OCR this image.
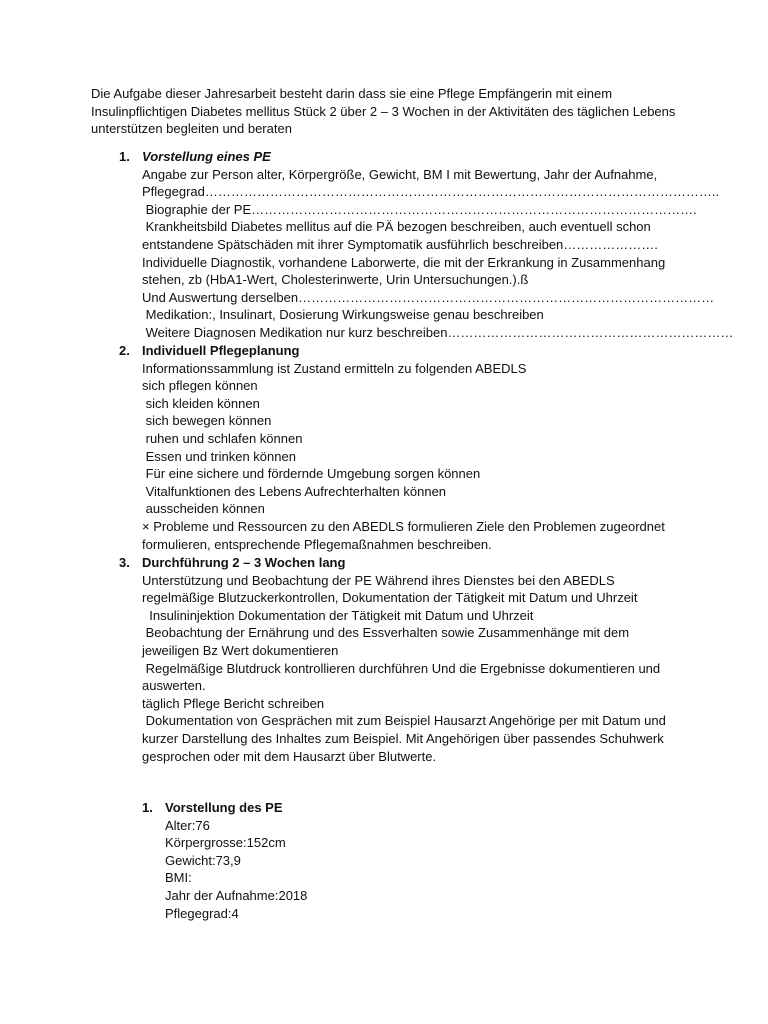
Die Aufgabe dieser Jahresarbeit besteht darin dass sie eine Pflege Empfängerin mit einem
Insulinpflichtigen Diabetes mellitus Stück 2 über 2 – 3 Wochen in der Aktivitäten des täglichen Lebens
unterstützen begleiten und beraten
1. Vorstellung eines PE
Angabe zur Person alter, Körpergröße, Gewicht, BM I mit Bewertung, Jahr der Aufnahme,
Pflegegrad………………………………………………………………………………………………………..
Biographie der PE………………………………………………………………………………………….
Krankheitsbild Diabetes mellitus auf die PÄ bezogen beschreiben, auch eventuell schon
entstandene Spätschäden mit ihrer Symptomatik ausführlich beschreiben………………….
Individuelle Diagnostik, vorhandene Laborwerte, die mit der Erkrankung in Zusammenhang
stehen, zb (HbA1-Wert, Cholesterinwerte, Urin Untersuchungen.).ß
Und Auswertung derselben……………………………………………………………………………………
Medikation:, Insulinart, Dosierung Wirkungsweise genau beschreiben
Weitere Diagnosen Medikation nur kurz beschreiben…………………………………………………………
2. Individuell Pflegeplanung
Informationssammlung ist Zustand ermitteln zu folgenden ABEDLS
sich pflegen können
sich kleiden können
sich bewegen können
ruhen und schlafen können
Essen und trinken können
Für eine sichere und fördernde Umgebung sorgen können
Vitalfunktionen des Lebens Aufrechterhalten können
ausscheiden können
× Probleme und Ressourcen zu den ABEDLS formulieren Ziele den Problemen zugeordnet
formulieren, entsprechende Pflegemaßnahmen beschreiben.
3. Durchführung 2 – 3 Wochen lang
Unterstützung und Beobachtung der PE Während ihres Dienstes bei den ABEDLS
regelmäßige Blutzuckerkontrollen, Dokumentation der Tätigkeit mit Datum und Uhrzeit
Insulininjektion Dokumentation der Tätigkeit mit Datum und Uhrzeit
Beobachtung der Ernährung und des Essverhalten sowie Zusammenhänge mit dem
jeweiligen Bz Wert dokumentieren
Regelmäßige Blutdruck kontrollieren durchführen Und die Ergebnisse dokumentieren und
auswerten.
täglich Pflege Bericht schreiben
Dokumentation von Gesprächen mit zum Beispiel Hausarzt Angehörige per mit Datum und
kurzer Darstellung des Inhaltes zum Beispiel. Mit Angehörigen über passendes Schuhwerk
gesprochen oder mit dem Hausarzt über Blutwerte.
1. Vorstellung des PE
Alter:76
Körpergrosse:152cm
Gewicht:73,9
BMI:
Jahr der Aufnahme:2018
Pflegegrad:4
